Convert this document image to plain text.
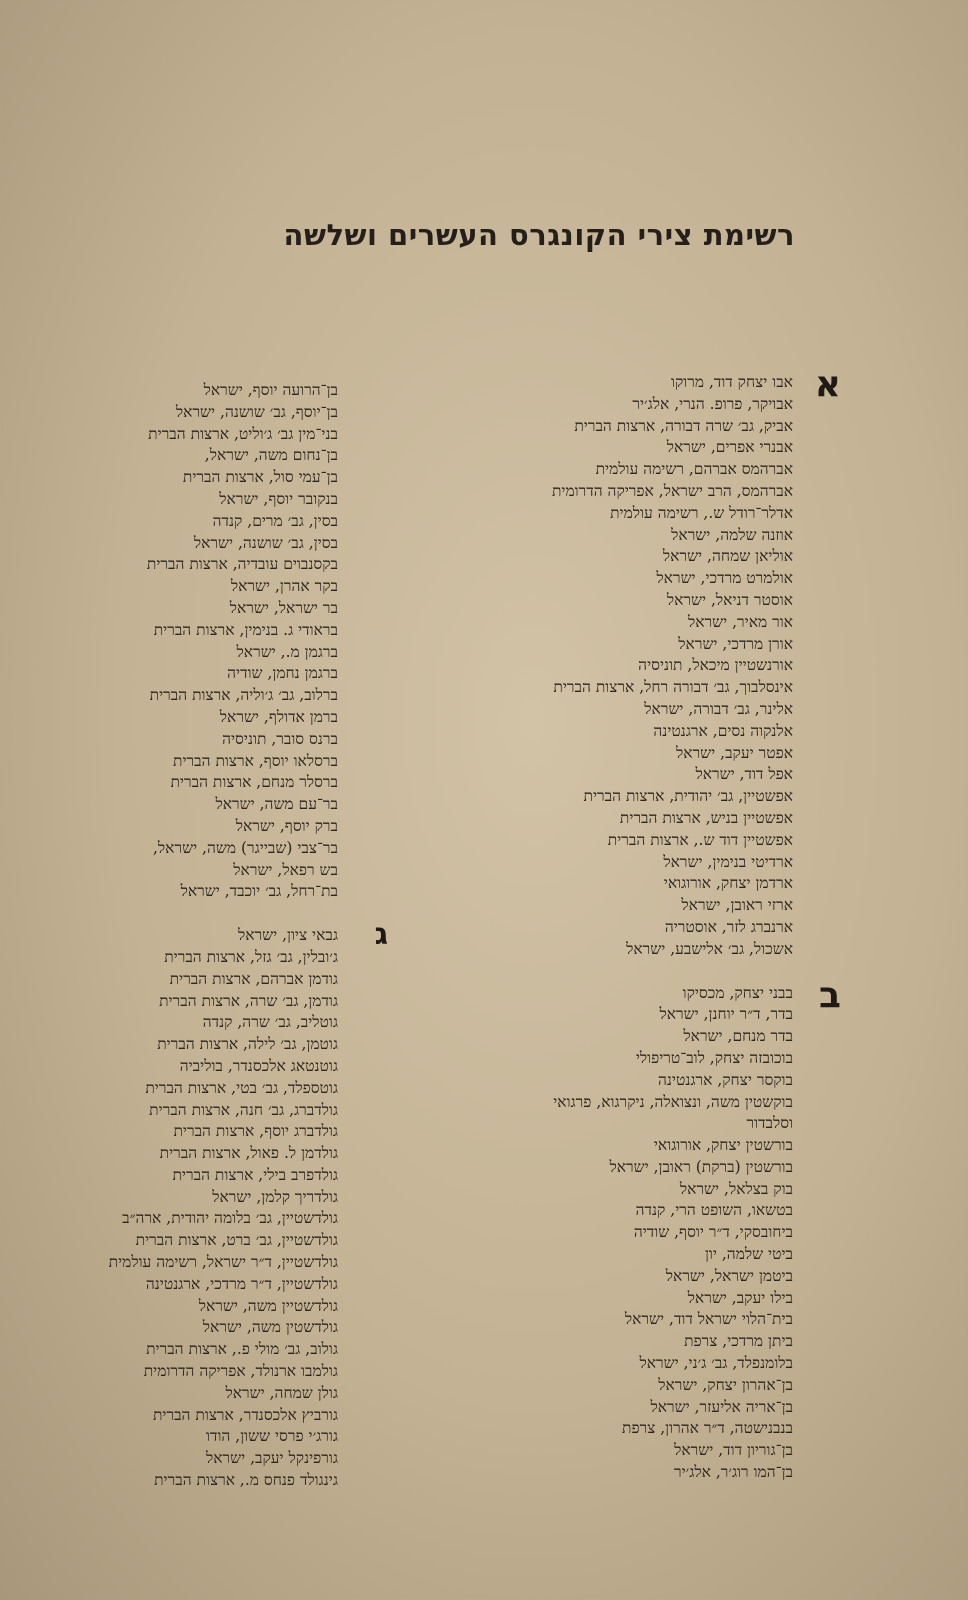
רשימת צירי הקונגרס העשרים ושלשה
א
אבו יצחק דוד, מרוקו
אבויקר, פרופ. הנרי, אלג׳יר
אביק, גב׳ שרה דבורה, ארצות הברית
אבנרי אפרים, ישראל
אברהמס אברהם, רשימה עולמית
אברהמס, הרב ישראל, אפריקה הדרומית
אדלר־רודל ש., רשימה עולמית
אוזנה שלמה, ישראל
אוליאן שמחה, ישראל
אולמרט מרדכי, ישראל
אוסטר דניאל, ישראל
אור מאיר, ישראל
אורן מרדכי, ישראל
אורנשטיין מיכאל, תוניסיה
אינסלבוך, גב׳ דבורה רחל, ארצות הברית
אלינר, גב׳ דבורה, ישראל
אלנקוה נסים, ארגנטינה
אפטר יעקב, ישראל
אפל דוד, ישראל
אפשטיין, גב׳ יהודית, ארצות הברית
אפשטיין בניש, ארצות הברית
אפשטיין דוד ש., ארצות הברית
ארדיטי בנימין, ישראל
ארדמן יצחק, אורוגואי
ארזי ראובן, ישראל
ארנברג לזר, אוסטריה
אשכול, גב׳ אלישבע, ישראל
ב
בבני יצחק, מכסיקו
בדר, ד״ר יוחנן, ישראל
בדר מנחם, ישראל
בוכובזה יצחק, לוב־טריפולי
בוקסר יצחק, ארגנטינה
בוקשטין משה, ונצואלה, ניקרגוא, פרגואי
וסלבדור
בורשטין יצחק, אורוגואי
בורשטין (ברקת) ראובן, ישראל
בוק בצלאל, ישראל
בטשאו, השופט הרי, קנדה
ביחובסקי, ד״ר יוסף, שודיה
ביטי שלמה, יון
ביטמן ישראל, ישראל
בילו יעקב, ישראל
בית־הלוי ישראל דוד, ישראל
ביתן מרדכי, צרפת
בלומנפלד, גב׳ ג׳ני, ישראל
בן־אהרון יצחק, ישראל
בן־אריה אליעזר, ישראל
בנבנישטה, ד״ר אהרון, צרפת
בן־גוריון דוד, ישראל
בן־המו רוג׳ר, אלג׳יר
בן־הרועה יוסף, ישראל
בן־יוסף, גב׳ שושנה, ישראל
בני־מין גב׳ ג׳וליט, ארצות הברית
בן־נחום משה, ישראל,
בן־עמי סול, ארצות הברית
בנקובר יוסף, ישראל
בסין, גב׳ מרים, קנדה
בסין, גב׳ שושנה, ישראל
בקסנבוים עובדיה, ארצות הברית
בקר אהרן, ישראל
בר ישראל, ישראל
בראודי ג. בנימין, ארצות הברית
ברגמן מ., ישראל
ברגמן נחמן, שודיה
ברלוב, גב׳ ג׳וליה, ארצות הברית
ברמן אדולף, ישראל
ברנס סובר, תוניסיה
ברסלאו יוסף, ארצות הברית
ברסלר מנחם, ארצות הברית
בר־עם משה, ישראל
ברק יוסף, ישראל
בר־צבי (שבייגר) משה, ישראל,
בש רפאל, ישראל
בת־רחל, גב׳ יוכבד, ישראל
ג
גבאי ציון, ישראל
ג׳ובלין, גב׳ גזל, ארצות הברית
גודמן אברהם, ארצות הברית
גודמן, גב׳ שרה, ארצות הברית
גוטליב, גב׳ שרה, קנדה
גוטמן, גב׳ לילה, ארצות הברית
גוטנטאג אלכסנדר, בוליביה
גוטספלד, גב׳ בטי, ארצות הברית
גולדברג, גב׳ חנה, ארצות הברית
גולדברג יוסף, ארצות הברית
גולדמן ל. פאול, ארצות הברית
גולדפרב בילי, ארצות הברית
גולדריך קלמן, ישראל
גולדשטיין, גב׳ בלומה יהודית, ארה״ב
גולדשטיין, גב׳ ברט, ארצות הברית
גולדשטיין, ד״ר ישראל, רשימה עולמית
גולדשטיין, ד״ר מרדכי, ארגנטינה
גולדשטיין משה, ישראל
גולדשטין משה, ישראל
גולוב, גב׳ מולי פ., ארצות הברית
גולמבו ארנולד, אפריקה הדרומית
גולן שמחה, ישראל
גורביץ אלכסנדר, ארצות הברית
גורג׳י פרסי ששון, הודו
גורפינקל יעקב, ישראל
גינגולד פנחס מ., ארצות הברית
